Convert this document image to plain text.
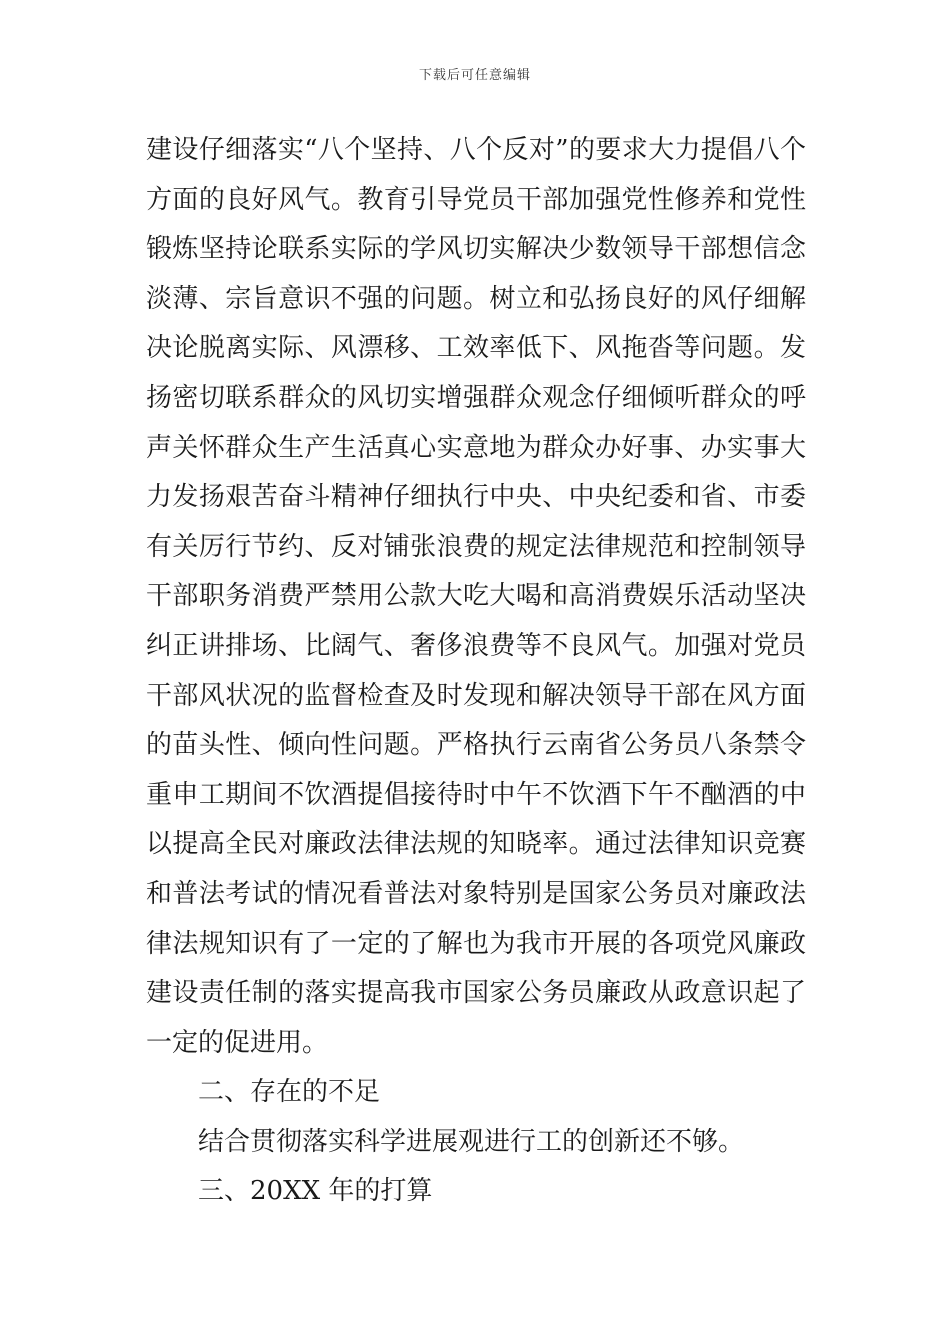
下载后可任意编辑

建设仔细落实“八个坚持、八个反对”的要求大力提倡八个方面的良好风气。教育引导党员干部加强党性修养和党性锻炼坚持论联系实际的学风切实解决少数领导干部想信念淡薄、宗旨意识不强的问题。树立和弘扬良好的风仔细解决论脱离实际、风漂移、工效率低下、风拖沓等问题。发扬密切联系群众的风切实增强群众观念仔细倾听群众的呼声关怀群众生产生活真心实意地为群众办好事、办实事大力发扬艰苦奋斗精神仔细执行中央、中央纪委和省、市委有关厉行节约、反对铺张浪费的规定法律规范和控制领导干部职务消费严禁用公款大吃大喝和高消费娱乐活动坚决纠正讲排场、比阔气、奢侈浪费等不良风气。加强对党员干部风状况的监督检查及时发现和解决领导干部在风方面的苗头性、倾向性问题。严格执行云南省公务员八条禁令重申工期间不饮酒提倡接待时中午不饮酒下午不酗酒的中以提高全民对廉政法律法规的知晓率。通过法律知识竞赛和普法考试的情况看普法对象特别是国家公务员对廉政法律法规知识有了一定的了解也为我市开展的各项党风廉政建设责任制的落实提高我市国家公务员廉政从政意识起了一定的促进用。

二、存在的不足

结合贯彻落实科学进展观进行工的创新还不够。

三、20XX 年的打算
